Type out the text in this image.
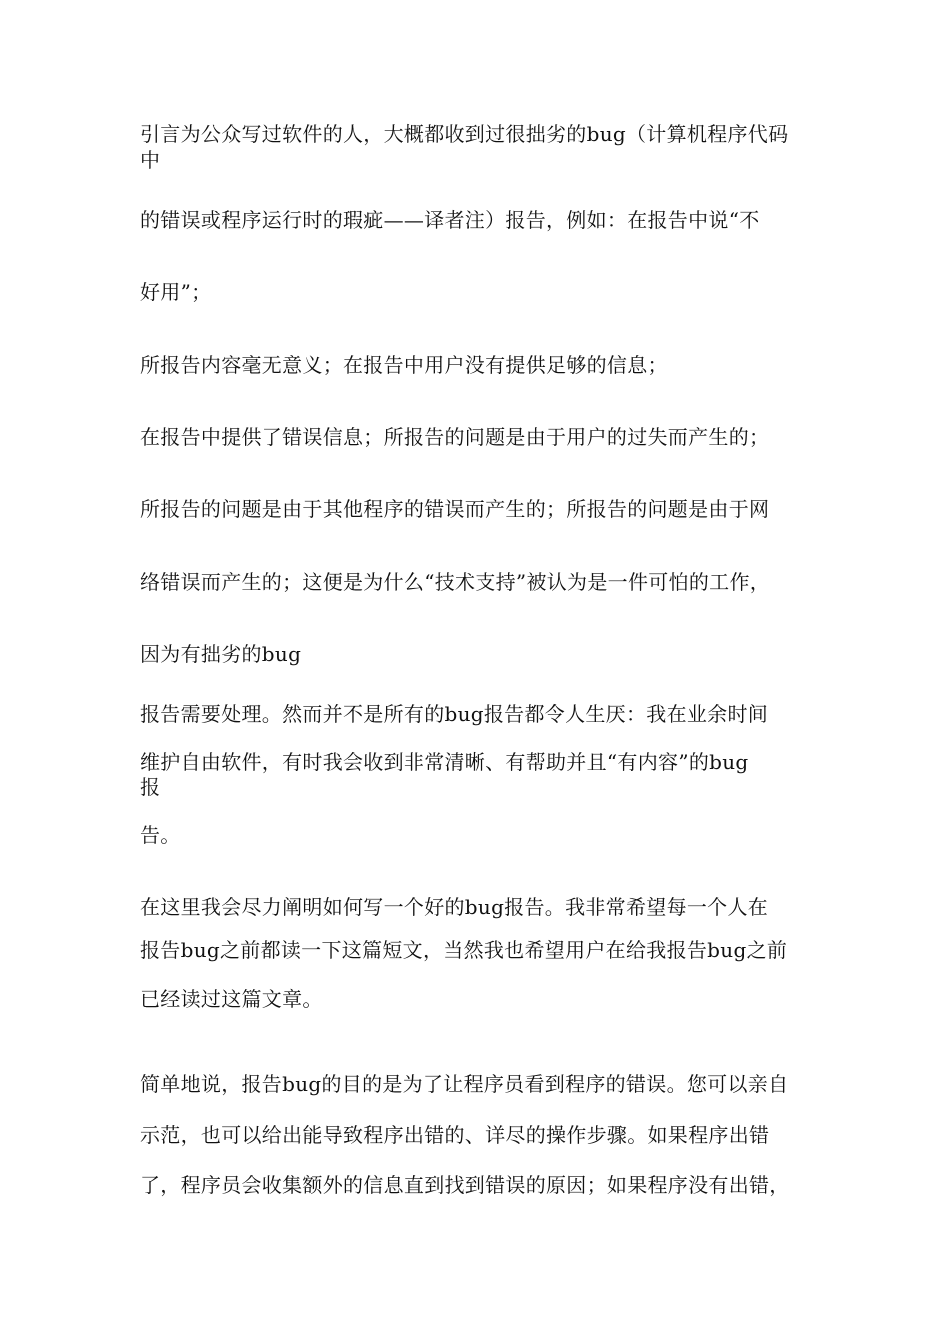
引言为公众写过软件的人，大概都收到过很拙劣的bug（计算机程序代码
中
的错误或程序运行时的瑕疵——译者注）报告，例如：在报告中说“不
好用”；
所报告内容毫无意义；在报告中用户没有提供足够的信息；
在报告中提供了错误信息；所报告的问题是由于用户的过失而产生的；
所报告的问题是由于其他程序的错误而产生的；所报告的问题是由于网
络错误而产生的；这便是为什么“技术支持”被认为是一件可怕的工作，
因为有拙劣的bug
报告需要处理。然而并不是所有的bug报告都令人生厌：我在业余时间
维护自由软件，有时我会收到非常清晰、有帮助并且“有内容”的bug
报
告。
在这里我会尽力阐明如何写一个好的bug报告。我非常希望每一个人在
报告bug之前都读一下这篇短文，当然我也希望用户在给我报告bug之前
已经读过这篇文章。
简单地说，报告bug的目的是为了让程序员看到程序的错误。您可以亲自
示范，也可以给出能导致程序出错的、详尽的操作步骤。如果程序出错
了，程序员会收集额外的信息直到找到错误的原因；如果程序没有出错，
